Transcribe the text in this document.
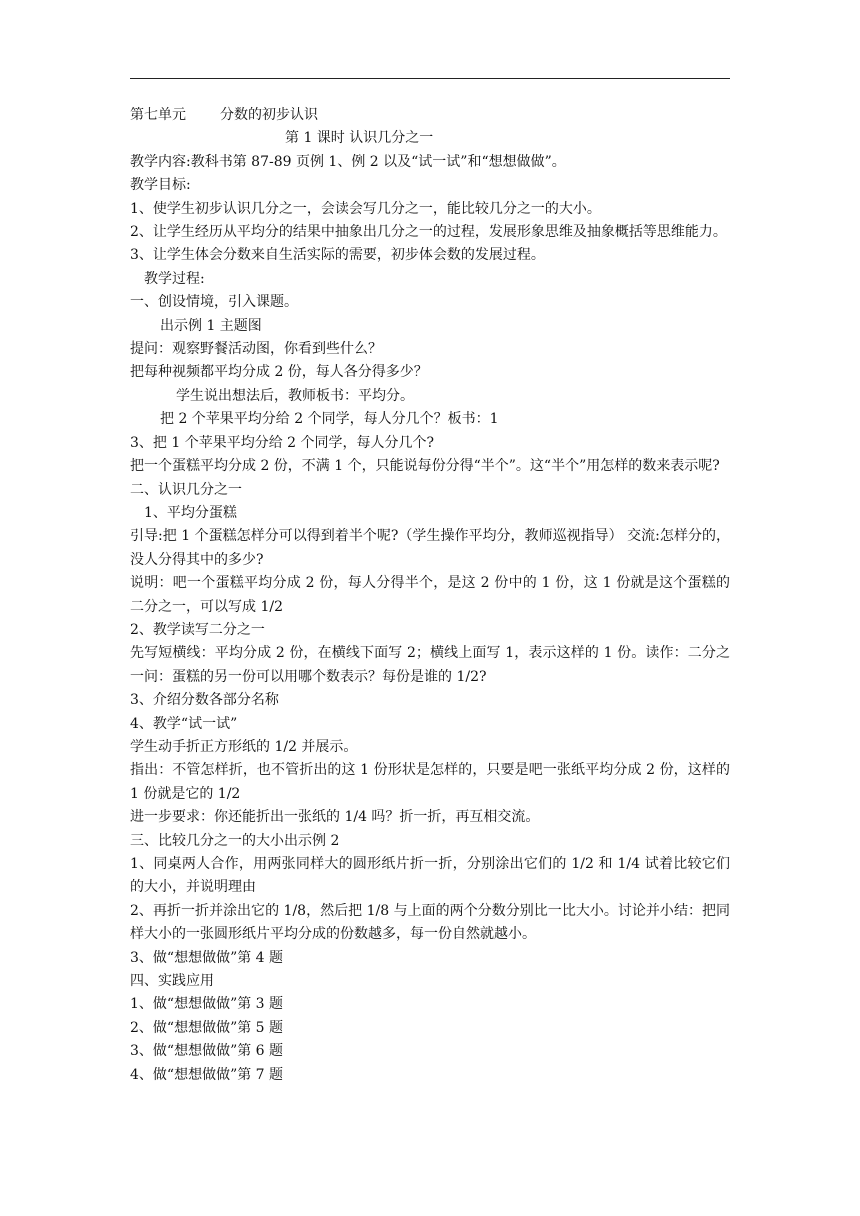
第七单元 分数的初步认识
第 1 课时 认识几分之一
教学内容:教科书第 87-89 页例 1、例 2 以及“试一试”和“想想做做”。
教学目标:
1、使学生初步认识几分之一，会读会写几分之一，能比较几分之一的大小。
2、让学生经历从平均分的结果中抽象出几分之一的过程，发展形象思维及抽象概括等思维能力。
3、让学生体会分数来自生活实际的需要，初步体会数的发展过程。
教学过程:
一、创设情境，引入课题。
出示例 1 主题图
提问：观察野餐活动图，你看到些什么？
把每种视频都平均分成 2 份，每人各分得多少？
学生说出想法后，教师板书：平均分。
把 2 个苹果平均分给 2 个同学，每人分几个？板书：1
3、把 1 个苹果平均分给 2 个同学，每人分几个?
把一个蛋糕平均分成 2 份，不满 1 个，只能说每份分得“半个”。这“半个”用怎样的数来表示呢?
二、认识几分之一
1、平均分蛋糕
引导:把 1 个蛋糕怎样分可以得到着半个呢?（学生操作平均分，教师巡视指导） 交流:怎样分的，没人分得其中的多少?
说明：吧一个蛋糕平均分成 2 份，每人分得半个，是这 2 份中的 1 份，这 1 份就是这个蛋糕的二分之一，可以写成 1/2
2、教学读写二分之一
先写短横线：平均分成 2 份，在横线下面写 2；横线上面写 1，表示这样的 1 份。读作：二分之一问：蛋糕的另一份可以用哪个数表示？每份是谁的 1/2?
3、介绍分数各部分名称
4、教学“试一试”
学生动手折正方形纸的 1/2 并展示。
指出：不管怎样折，也不管折出的这 1 份形状是怎样的，只要是吧一张纸平均分成 2 份，这样的 1 份就是它的 1/2
进一步要求：你还能折出一张纸的 1/4 吗？折一折，再互相交流。
三、比较几分之一的大小出示例 2
1、同桌两人合作，用两张同样大的圆形纸片折一折，分别涂出它们的 1/2 和 1/4 试着比较它们的大小，并说明理由
2、再折一折并涂出它的 1/8，然后把 1/8 与上面的两个分数分别比一比大小。讨论并小结：把同样大小的一张圆形纸片平均分成的份数越多，每一份自然就越小。
3、做“想想做做”第 4 题
四、实践应用
1、做“想想做做”第 3 题
2、做“想想做做”第 5 题
3、做“想想做做”第 6 题
4、做“想想做做”第 7 题
